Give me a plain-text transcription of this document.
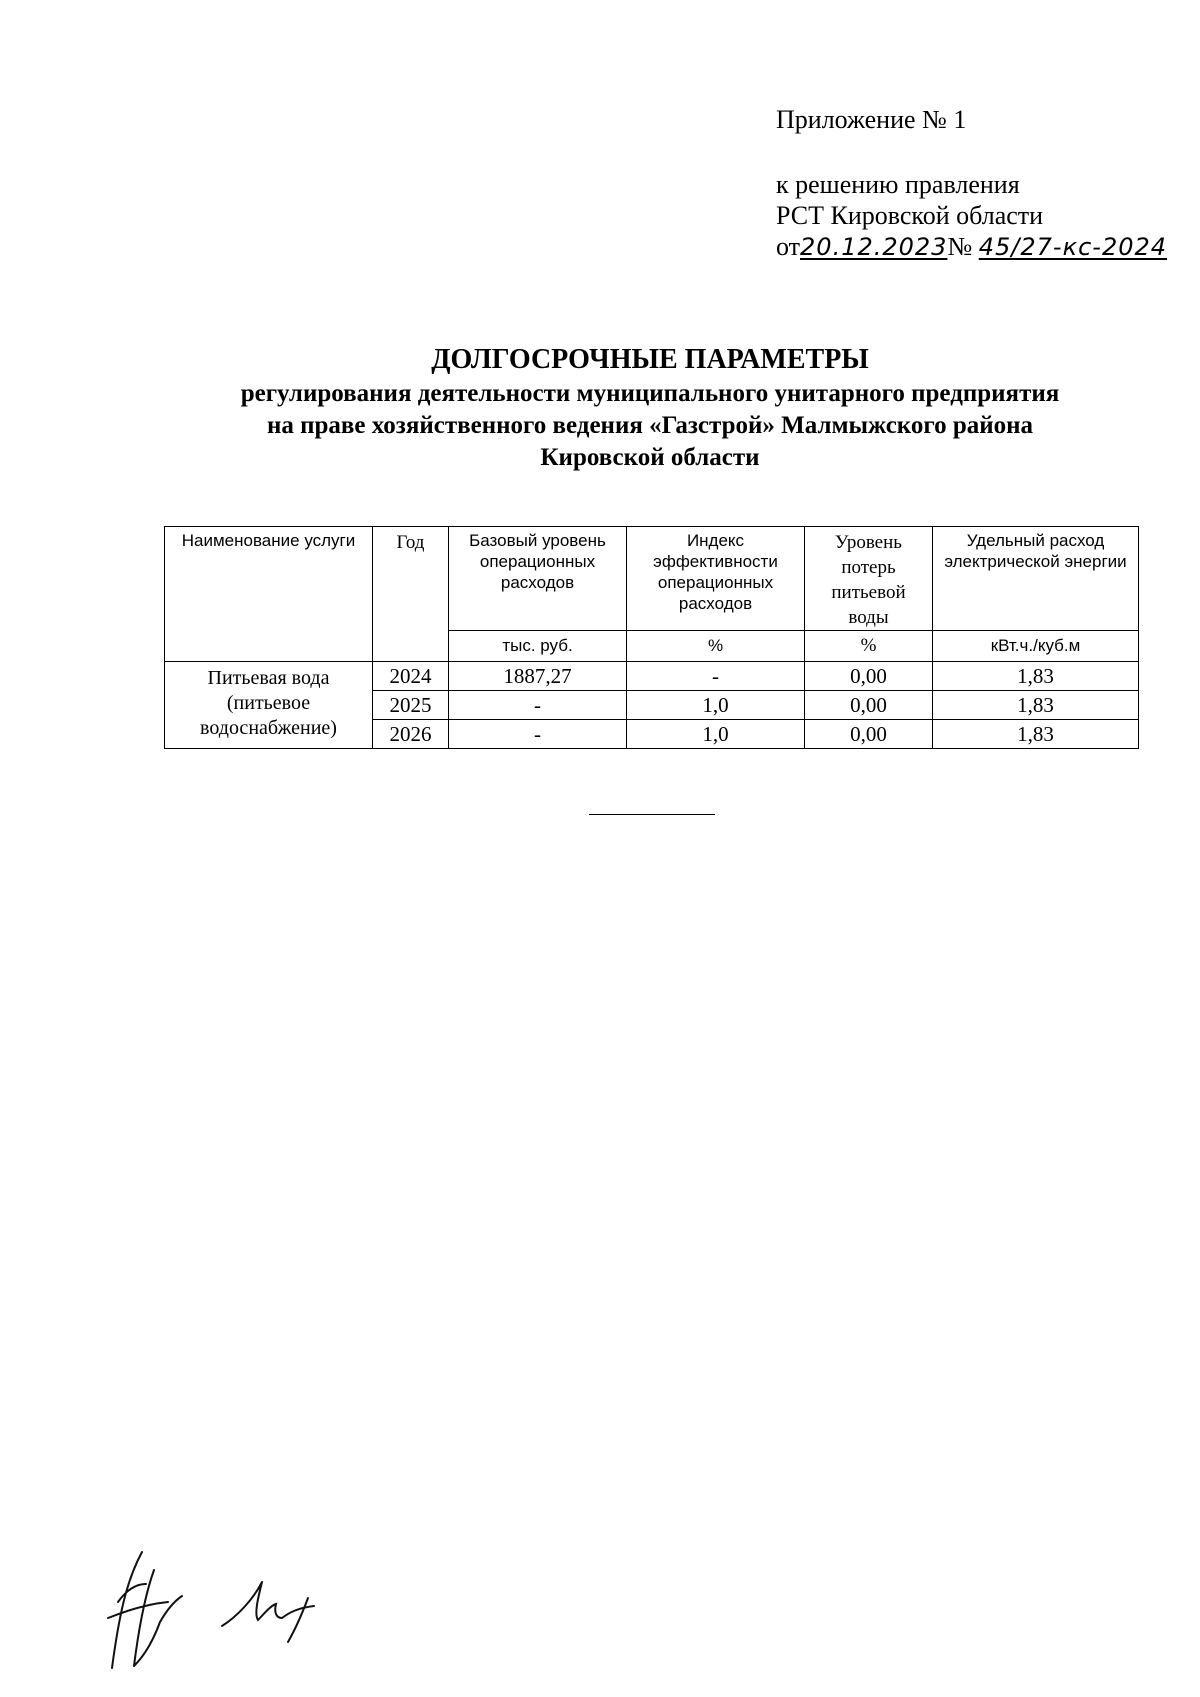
Приложение № 1
к решению правления
РСТ Кировской области
от20.12.2023№ 45/27-кс-2024
ДОЛГОСРОЧНЫЕ ПАРАМЕТРЫ
регулирования деятельности муниципального унитарного предприятия
на праве хозяйственного ведения «Газстрой» Малмыжского района
Кировской области
Наименование услуги	Год	Базовый уровень операционных расходов	Индекс эффективности операционных расходов	Уровень потерь питьевой воды	Удельный расход электрической энергии
		тыс. руб.	%	%	кВт.ч./куб.м
Питьевая вода (питьевое водоснабжение)	2024	1887,27	-	0,00	1,83
	2025	-	1,0	0,00	1,83
	2026	-	1,0	0,00	1,83
